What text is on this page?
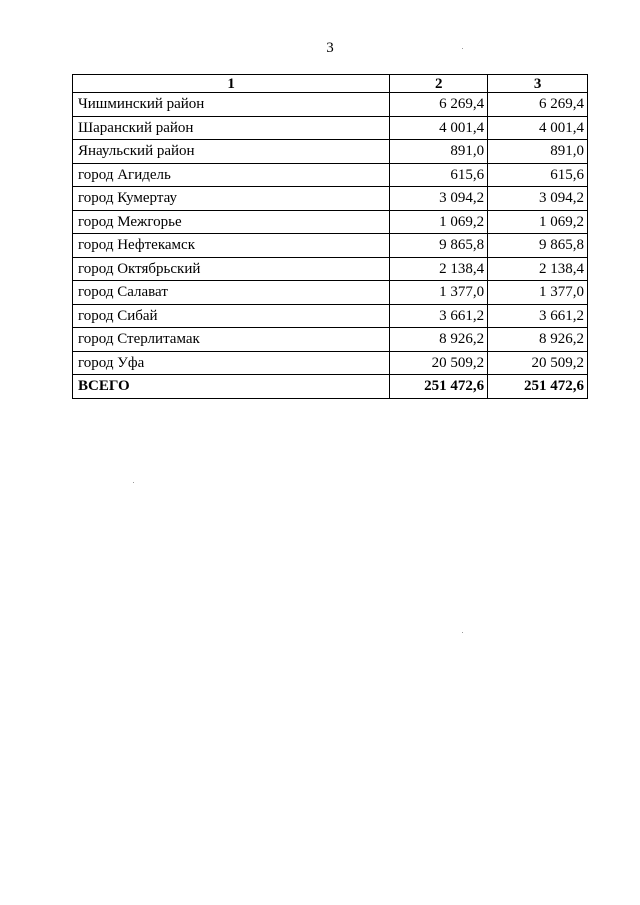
3
1	2	3
Чишминский район	6 269,4	6 269,4
Шаранский район	4 001,4	4 001,4
Янаульский район	891,0	891,0
город Агидель	615,6	615,6
город Кумертау	3 094,2	3 094,2
город Межгорье	1 069,2	1 069,2
город Нефтекамск	9 865,8	9 865,8
город Октябрьский	2 138,4	2 138,4
город Салават	1 377,0	1 377,0
город Сибай	3 661,2	3 661,2
город Стерлитамак	8 926,2	8 926,2
город Уфа	20 509,2	20 509,2
ВСЕГО	251 472,6	251 472,6
